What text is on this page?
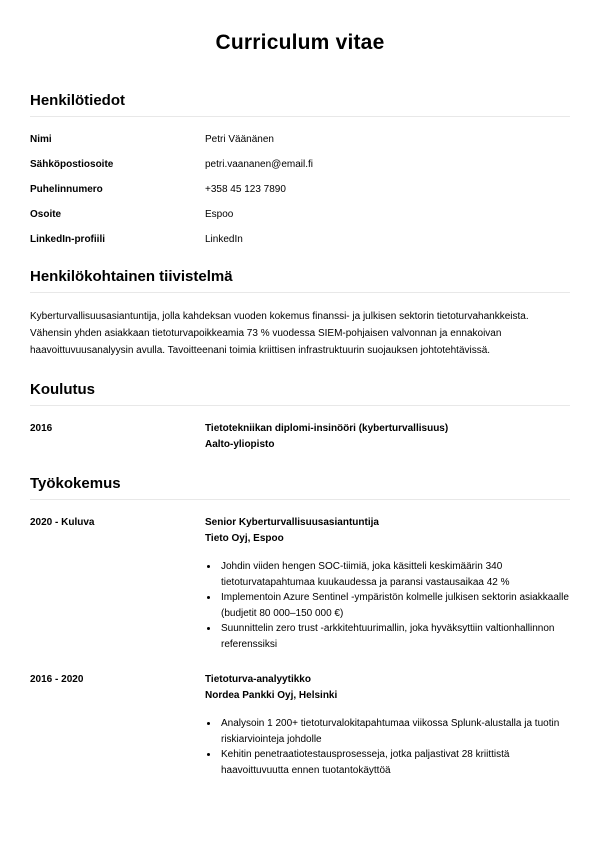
Curriculum vitae
Henkilötiedot
Nimi	Petri Väänänen
Sähköpostiosoite	petri.vaananen@email.fi
Puhelinnumero	+358 45 123 7890
Osoite	Espoo
LinkedIn-profiili	LinkedIn
Henkilökohtainen tiivistelmä

Kyberturvallisuusasiantuntija, jolla kahdeksan vuoden kokemus finanssi- ja julkisen sektorin tietoturvahankkeista. Vähensin yhden asiakkaan tietoturvapoikkeamia 73 % vuodessa SIEM-pohjaisen valvonnan ja ennakoivan haavoittuvuusanalyysin avulla. Tavoitteenani toimia kriittisen infrastruktuurin suojauksen johtotehtävissä.

Koulutus
2016	Tietotekniikan diplomi-insinööri (kyberturvallisuus)
Aalto-yliopisto
Työkokemus
2020 - Kuluva	Senior Kyberturvallisuusasiantuntija
Tieto Oyj, Espoo
• Johdin viiden hengen SOC-tiimiä, joka käsitteli keskimäärin 340 tietoturvatapahtumaa kuukaudessa ja paransi vastausaikaa 42 %
• Implementoin Azure Sentinel -ympäristön kolmelle julkisen sektorin asiakkaalle (budjetit 80 000–150 000 €)
• Suunnittelin zero trust -arkkitehtuurimallin, joka hyväksyttiin valtionhallinnon referenssiksi
2016 - 2020	Tietoturva-analyytikko
Nordea Pankki Oyj, Helsinki
• Analysoin 1 200+ tietoturvalokitapahtumaa viikossa Splunk-alustalla ja tuotin riskiarviointeja johdolle
• Kehitin penetraatiotestausprosesseja, jotka paljastivat 28 kriittistä haavoittuvuutta ennen tuotantokäyttöä
